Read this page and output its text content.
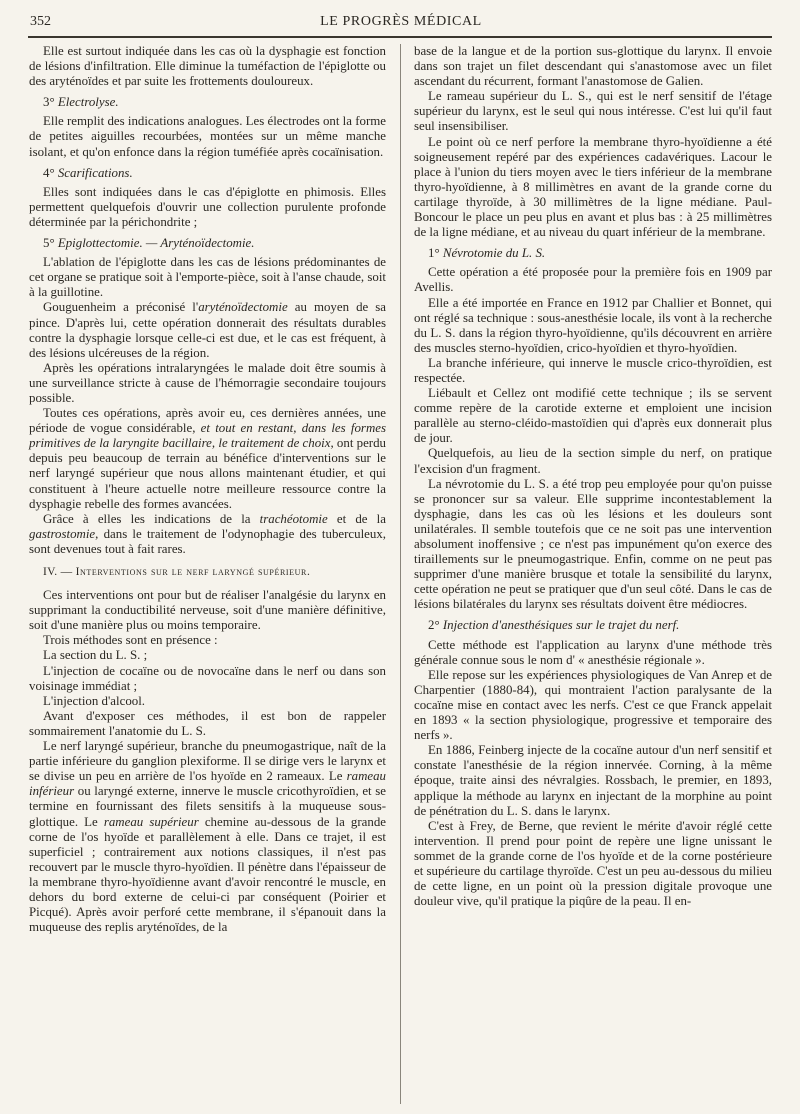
352	LE PROGRÈS MÉDICAL

Elle est surtout indiquée dans les cas où la dysphagie est fonction de lésions d'infiltration. Elle diminue la tuméfaction de l'épiglotte ou des aryténoïdes et par suite les frottements douloureux.

3° Electrolyse.

Elle remplit des indications analogues. Les électrodes ont la forme de petites aiguilles recourbées, montées sur un même manche isolant, et qu'on enfonce dans la région tuméfiée après cocaïnisation.

4° Scarifications.

Elles sont indiquées dans le cas d'épiglotte en phimosis. Elles permettent quelquefois d'ouvrir une collection purulente profonde déterminée par la périchondrite ;

5° Epiglottectomie. — Aryténoïdectomie.

L'ablation de l'épiglotte dans les cas de lésions prédominantes de cet organe se pratique soit à l'emporte-pièce, soit à l'anse chaude, soit à la guillotine.

Gouguenheim a préconisé l'aryténoïdectomie au moyen de sa pince. D'après lui, cette opération donnerait des résultats durables contre la dysphagie lorsque celle-ci est due, et le cas est fréquent, à des lésions ulcéreuses de la région.

Après les opérations intralaryngées le malade doit être soumis à une surveillance stricte à cause de l'hémorragie secondaire toujours possible.

Toutes ces opérations, après avoir eu, ces dernières années, une période de vogue considérable, et tout en restant, dans les formes primitives de la laryngite bacillaire, le traitement de choix, ont perdu depuis peu beaucoup de terrain au bénéfice d'interventions sur le nerf laryngé supérieur que nous allons maintenant étudier, et qui constituent à l'heure actuelle notre meilleure ressource contre la dysphagie rebelle des formes avancées.

Grâce à elles les indications de la trachéotomie et de la gastrostomie, dans le traitement de l'odynophagie des tuberculeux, sont devenues tout à fait rares.

IV. — Interventions sur le nerf laryngé supérieur.

Ces interventions ont pour but de réaliser l'analgésie du larynx en supprimant la conductibilité nerveuse, soit d'une manière définitive, soit d'une manière plus ou moins temporaire.

Trois méthodes sont en présence :

La section du L. S. ;

L'injection de cocaïne ou de novocaïne dans le nerf ou dans son voisinage immédiat ;

L'injection d'alcool.

Avant d'exposer ces méthodes, il est bon de rappeler sommairement l'anatomie du L. S.

Le nerf laryngé supérieur, branche du pneumogastrique, naît de la partie inférieure du ganglion plexiforme. Il se dirige vers le larynx et se divise un peu en arrière de l'os hyoïde en 2 rameaux. Le rameau inférieur ou laryngé externe, innerve le muscle cricothyroïdien, et se termine en fournissant des filets sensitifs à la muqueuse sous-glottique. Le rameau supérieur chemine au-dessous de la grande corne de l'os hyoïde et parallèlement à elle. Dans ce trajet, il est superficiel ; contrairement aux notions classiques, il n'est pas recouvert par le muscle thyro-hyoïdien. Il pénètre dans l'épaisseur de la membrane thyro-hyoïdienne avant d'avoir rencontré le muscle, en dehors du bord externe de celui-ci par conséquent (Poirier et Picqué). Après avoir perforé cette membrane, il s'épanouit dans la muqueuse des replis aryténoïdes, de la

base de la langue et de la portion sus-glottique du larynx. Il envoie dans son trajet un filet descendant qui s'anastomose avec un filet ascendant du récurrent, formant l'anastomose de Galien.

Le rameau supérieur du L. S., qui est le nerf sensitif de l'étage supérieur du larynx, est le seul qui nous intéresse. C'est lui qu'il faut seul insensibiliser.

Le point où ce nerf perfore la membrane thyro-hyoïdienne a été soigneusement repéré par des expériences cadavériques. Lacour le place à l'union du tiers moyen avec le tiers inférieur de la membrane thyro-hyoïdienne, à 8 millimètres en avant de la grande corne du cartilage thyroïde, à 30 millimètres de la ligne médiane. Paul-Boncour le place un peu plus en avant et plus bas : à 25 millimètres de la ligne médiane, et au niveau du quart inférieur de la membrane.

1° Névrotomie du L. S.

Cette opération a été proposée pour la première fois en 1909 par Avellis.

Elle a été importée en France en 1912 par Challier et Bonnet, qui ont réglé sa technique : sous-anesthésie locale, ils vont à la recherche du L. S. dans la région thyro-hyoïdienne, qu'ils découvrent en arrière des muscles sterno-hyoïdien, crico-hyoïdien et thyro-hyoïdien.

La branche inférieure, qui innerve le muscle crico-thyroïdien, est respectée.

Liébault et Cellez ont modifié cette technique ; ils se servent comme repère de la carotide externe et emploient une incision parallèle au sterno-cléido-mastoïdien qui d'après eux donnerait plus de jour.

Quelquefois, au lieu de la section simple du nerf, on pratique l'excision d'un fragment.

La névrotomie du L. S. a été trop peu employée pour qu'on puisse se prononcer sur sa valeur. Elle supprime incontestablement la dysphagie, dans les cas où les lésions et les douleurs sont unilatérales. Il semble toutefois que ce ne soit pas une intervention absolument inoffensive ; ce n'est pas impunément qu'on exerce des tiraillements sur le pneumogastrique. Enfin, comme on ne peut pas supprimer d'une manière brusque et totale la sensibilité du larynx, cette opération ne peut se pratiquer que d'un seul côté. Dans le cas de lésions bilatérales du larynx ses résultats doivent être médiocres.

2° Injection d'anesthésiques sur le trajet du nerf.

Cette méthode est l'application au larynx d'une méthode très générale connue sous le nom d' « anesthésie régionale ».

Elle repose sur les expériences physiologiques de Van Anrep et de Charpentier (1880-84), qui montraient l'action paralysante de la cocaïne mise en contact avec les nerfs. C'est ce que Franck appelait en 1893 « la section physiologique, progressive et temporaire des nerfs ».

En 1886, Feinberg injecte de la cocaïne autour d'un nerf sensitif et constate l'anesthésie de la région innervée. Corning, à la même époque, traite ainsi des névralgies. Rossbach, le premier, en 1893, applique la méthode au larynx en injectant de la morphine au point de pénétration du L. S. dans le larynx.

C'est à Frey, de Berne, que revient le mérite d'avoir réglé cette intervention. Il prend pour point de repère une ligne unissant le sommet de la grande corne de l'os hyoïde et de la corne postérieure et supérieure du cartilage thyroïde. C'est un peu au-dessous du milieu de cette ligne, en un point où la pression digitale provoque une douleur vive, qu'il pratique la piqûre de la peau. Il en-
